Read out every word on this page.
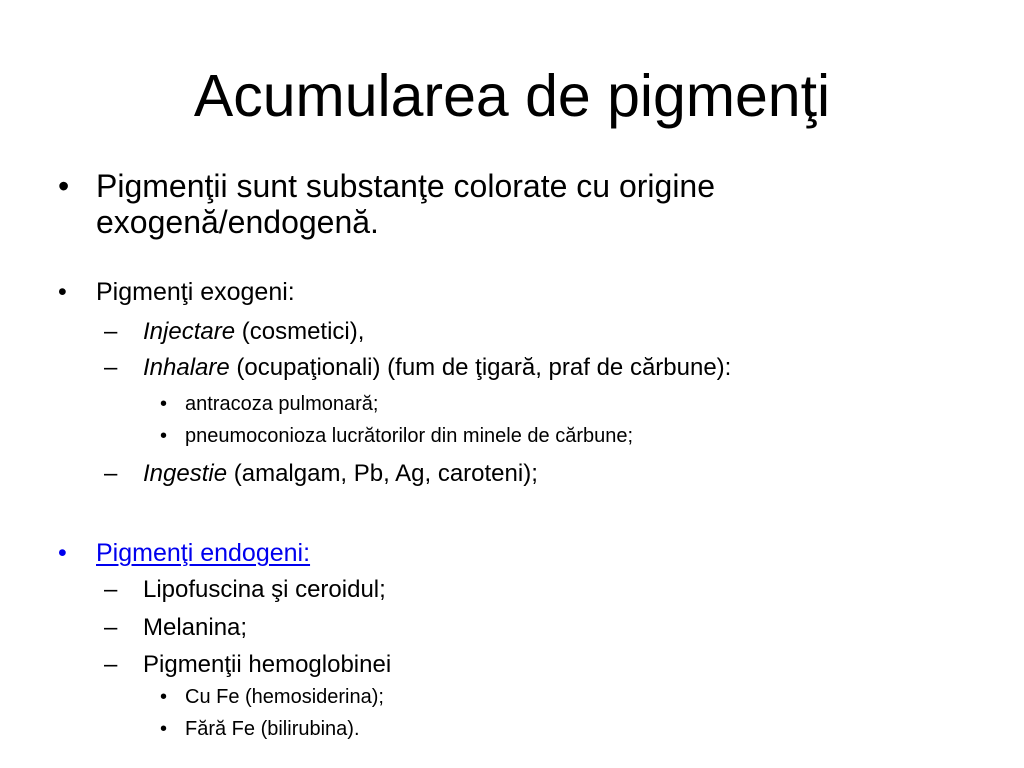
Acumularea de pigmenţi
• Pigmenţii sunt substanţe colorate cu origine
exogenă/endogenă.
• Pigmenţi exogeni:
– Injectare (cosmetici),
– Inhalare (ocupaţionali) (fum de ţigară, praf de cărbune):
• antracoza pulmonară;
• pneumoconioza lucrătorilor din minele de cărbune;
– Ingestie (amalgam, Pb, Ag, caroteni);
• Pigmenţi endogeni:
– Lipofuscina şi ceroidul;
– Melanina;
– Pigmenţii hemoglobinei
• Cu Fe (hemosiderina);
• Fără Fe (bilirubina).
